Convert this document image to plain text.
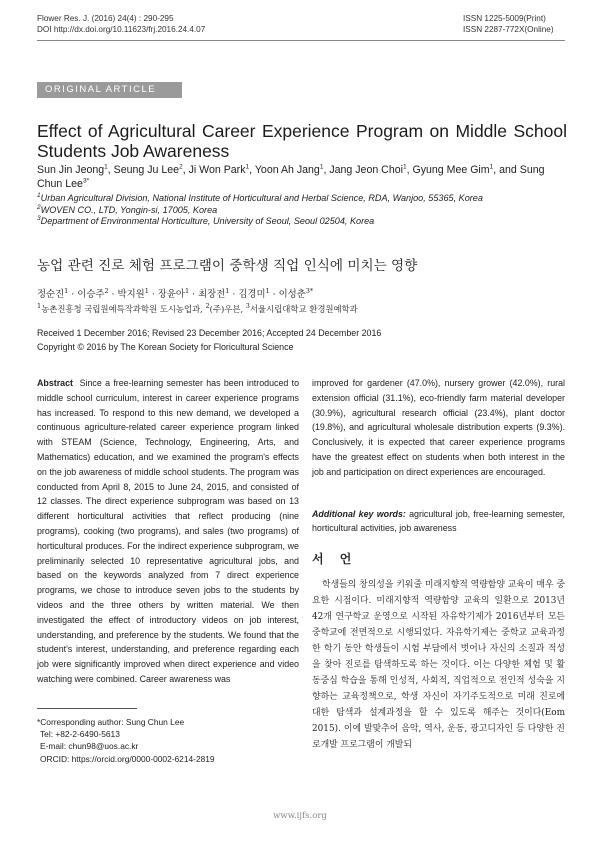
Flower Res. J. (2016) 24(4) : 290-295
DOI http://dx.doi.org/10.11623/frj.2016.24.4.07
ISSN 1225-5009(Print)
ISSN 2287-772X(Online)
ORIGINAL ARTICLE
Effect of Agricultural Career Experience Program on Middle School Students Job Awareness
Sun Jin Jeong$^1$, Seung Ju Lee$^2$, Ji Won Park$^1$, Yoon Ah Jang$^1$, Jang Jeon Choi$^1$, Gyung Mee Gim$^1$, and Sung Chun Lee$^{3*}$
$^1$Urban Agricultural Division, National Institute of Horticultural and Herbal Science, RDA, Wanjoo, 55365, Korea
$^2$WOVEN CO., LTD, Yongin-si, 17005, Korea
$^3$Department of Environmental Horticulture, University of Seoul, Seoul 02504, Korea
농업 관련 진로 체험 프로그램이 중학생 직업 인식에 미치는 영향
정순진$^1$ · 이승주$^2$ · 박지원$^1$ · 장윤아$^1$ · 최장전$^1$ · 김경미$^1$ · 이성춘$^{3*}$
$^1$농촌진흥청 국립원예특작과학원 도시농업과, $^2$(주)우븐, $^3$서울시립대학교 환경원예학과
Received 1 December 2016; Revised 23 December 2016; Accepted 24 December 2016
Copyright © 2016 by The Korean Society for Floricultural Science
Abstract Since a free-learning semester has been introduced to middle school curriculum, interest in career experience programs has increased. To respond to this new demand, we developed a continuous agriculture-related career experience program linked with STEAM (Science, Technology, Engineering, Arts, and Mathematics) education, and we examined the program's effects on the job awareness of middle school students. The program was conducted from April 8, 2015 to June 24, 2015, and consisted of 12 classes. The direct experience subprogram was based on 13 different horticultural activities that reflect producing (nine programs), cooking (two programs), and sales (two programs) of horticultural produces. For the indirect experience subprogram, we preliminarily selected 10 representative agricultural jobs, and based on the keywords analyzed from 7 direct experience programs, we chose to introduce seven jobs to the students by videos and the three others by written material. We then investigated the effect of introductory videos on job interest, understanding, and preference by the students. We found that the student's interest, understanding, and preference regarding each job were significantly improved when direct experience and video watching were combined. Career awareness was
improved for gardener (47.0%), nursery grower (42.0%), rural extension official (31.1%), eco-friendly farm material developer (30.9%), agricultural research official (23.4%), plant doctor (19.8%), and agricultural wholesale distribution experts (9.3%). Conclusively, it is expected that career experience programs have the greatest effect on students when both interest in the job and participation on direct experiences are encouraged.
Additional key words: agricultural job, free-learning semester, horticultural activities, job awareness
서 언
학생들의 창의성을 키워줄 미래지향적 역량함양 교육이 매우 중요한 시점이다. 미래지향적 역량함양 교육의 일환으로 2013년 42개 연구학교 운영으로 시작된 자유학기제가 2016년부터 모든 중학교에 전면적으로 시행되었다. 자유학기제는 중학교 교육과정 한 학기 동안 학생들이 시험 부담에서 벗어나 자신의 소질과 적성을 찾아 진로를 탐색하도록 하는 것이다. 이는 다양한 체험 및 활동중심 학습을 통해 인성적, 사회적, 직업적으로 전인적 성숙을 지향하는 교육정책으로, 학생 자신이 자기주도적으로 미래 진로에 대한 탐색과 설계과정을 할 수 있도록 해주는 것이다(Eom 2015). 이에 발맞추어 음악, 역사, 운동, 광고디자인 등 다양한 진로개발 프로그램이 개발되
*Corresponding author: Sung Chun Lee
Tel: +82-2-6490-5613
E-mail: chun98@uos.ac.kr
ORCID: https://orcid.org/0000-0002-6214-2819
www.ijfs.org
